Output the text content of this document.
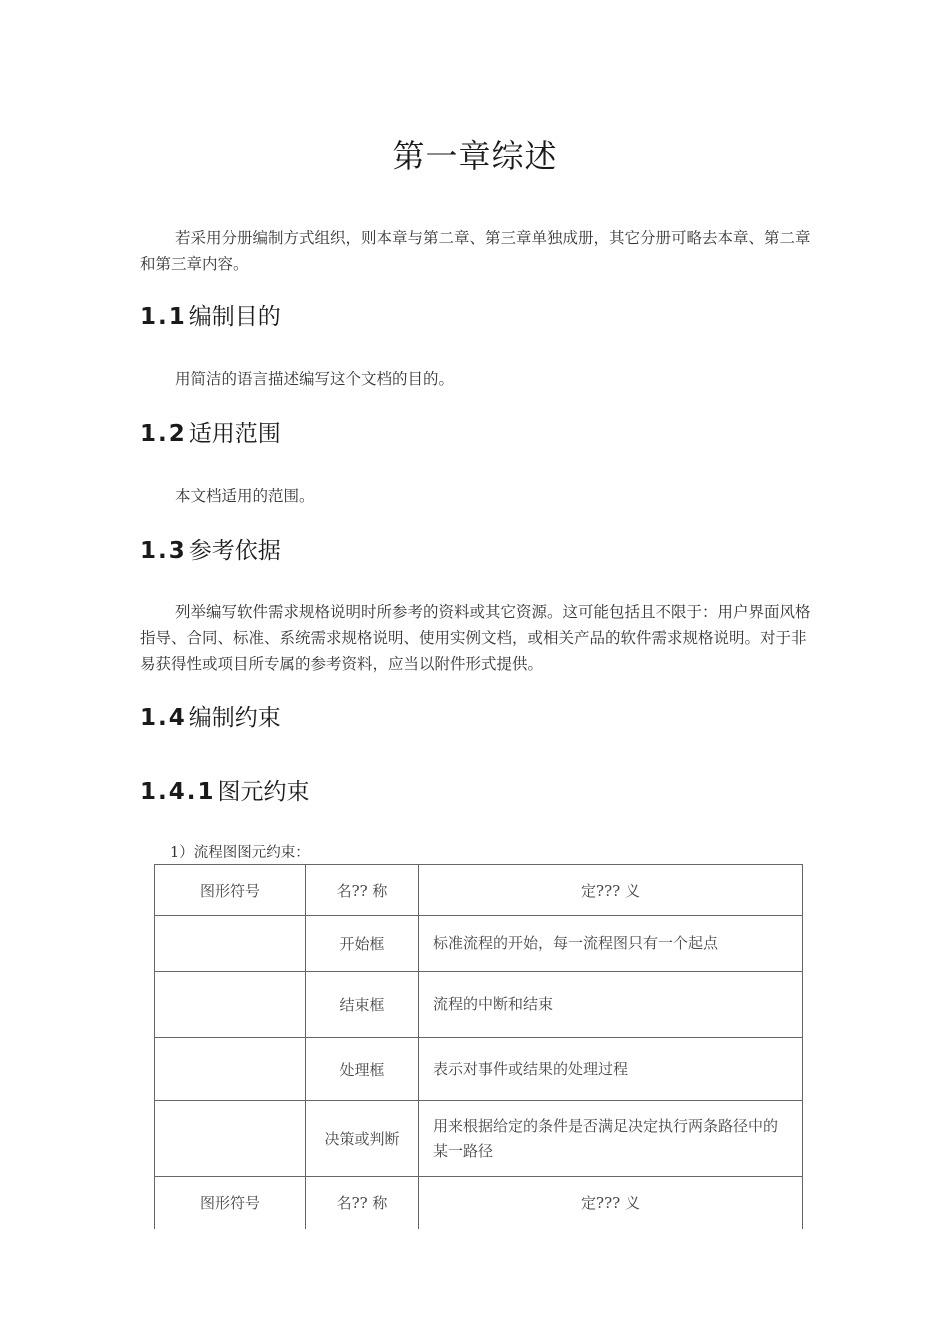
第一章综述

若采用分册编制方式组织，则本章与第二章、第三章单独成册，其它分册可略去本章、第二章和第三章内容。

1.1编制目的

用简洁的语言描述编写这个文档的目的。

1.2适用范围

本文档适用的范围。

1.3参考依据

列举编写软件需求规格说明时所参考的资料或其它资源。这可能包括且不限于：用户界面风格指导、合同、标准、系统需求规格说明、使用实例文档，或相关产品的软件需求规格说明。对于非易获得性或项目所专属的参考资料，应当以附件形式提供。

1.4编制约束
1.4.1图元约束
1）流程图图元约束：
图形符号	名?? 称	定??? 义
	开始框	标准流程的开始，每一流程图只有一个起点
	结束框	流程的中断和结束
	处理框	表示对事件或结果的处理过程
	决策或判断	用来根据给定的条件是否满足决定执行两条路径中的某一路径
图形符号	名?? 称	定??? 义
